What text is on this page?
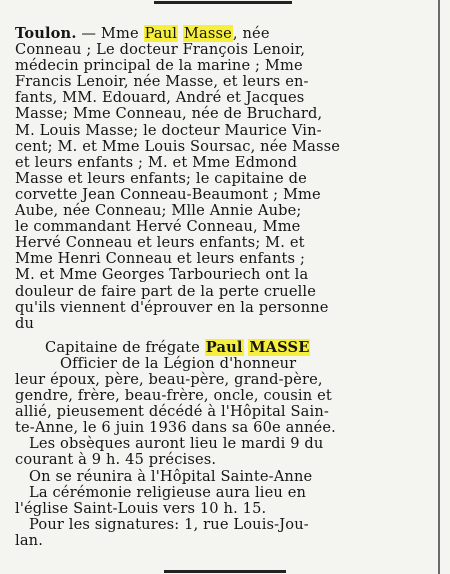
Toulon. — Mme Paul Masse, née
Conneau ; Le docteur François Lenoir,
médecin principal de la marine ; Mme
Francis Lenoir, née Masse, et leurs en-
fants, MM. Edouard, André et Jacques
Masse; Mme Conneau, née de Bruchard,
M. Louis Masse; le docteur Maurice Vin-
cent; M. et Mme Louis Soursac, née Masse
et leurs enfants ; M. et Mme Edmond
Masse et leurs enfants; le capitaine de
corvette Jean Conneau-Beaumont ; Mme
Aube, née Conneau; Mlle Annie Aube;
le commandant Hervé Conneau, Mme
Hervé Conneau et leurs enfants; M. et
Mme Henri Conneau et leurs enfants ;
M. et Mme Georges Tarbouriech ont la
douleur de faire part de la perte cruelle
qu'ils viennent d'éprouver en la personne
du
Capitaine de frégate Paul MASSE
Officier de la Légion d'honneur
leur époux, père, beau-père, grand-père,
gendre, frère, beau-frère, oncle, cousin et
allié, pieusement décédé à l'Hôpital Sain-
te-Anne, le 6 juin 1936 dans sa 60e année.
Les obsèques auront lieu le mardi 9 du
courant à 9 h. 45 précises.
On se réunira à l'Hôpital Sainte-Anne
La cérémonie religieuse aura lieu en
l'église Saint-Louis vers 10 h. 15.
Pour les signatures: 1, rue Louis-Jou-
lan.
